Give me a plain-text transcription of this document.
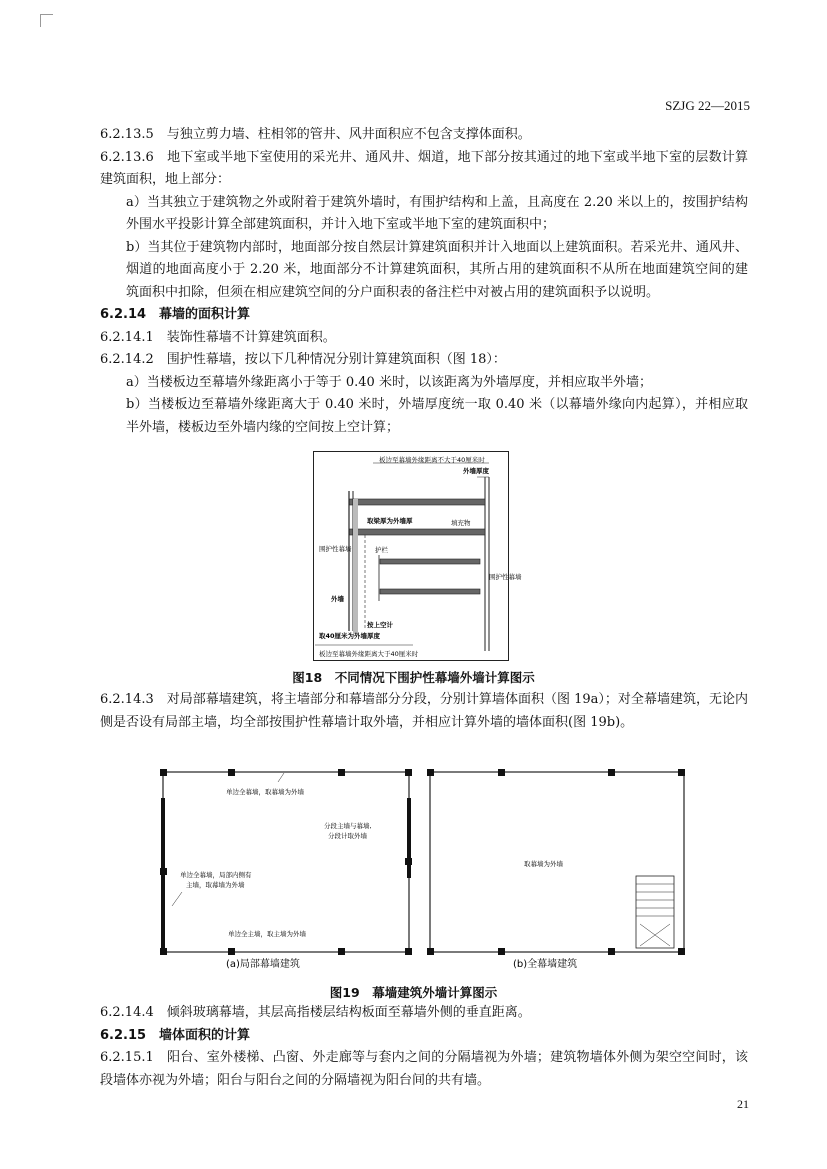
SZJG 22—2015

6.2.13.5　与独立剪力墙、柱相邻的管井、风井面积应不包含支撑体面积。

6.2.13.6　地下室或半地下室使用的采光井、通风井、烟道，地下部分按其通过的地下室或半地下室的层数计算建筑面积，地上部分：

a）当其独立于建筑物之外或附着于建筑外墙时，有围护结构和上盖，且高度在 2.20 米以上的，按围护结构外围水平投影计算全部建筑面积，并计入地下室或半地下室的建筑面积中；

b）当其位于建筑物内部时，地面部分按自然层计算建筑面积并计入地面以上建筑面积。若采光井、通风井、烟道的地面高度小于 2.20 米，地面部分不计算建筑面积，其所占用的建筑面积不从所在地面建筑空间的建筑面积中扣除，但须在相应建筑空间的分户面积表的备注栏中对被占用的建筑面积予以说明。

6.2.14　幕墙的面积计算

6.2.14.1　装饰性幕墙不计算建筑面积。

6.2.14.2　围护性幕墙，按以下几种情况分别计算建筑面积（图 18）：

a）当楼板边至幕墙外缘距离小于等于 0.40 米时，以该距离为外墙厚度，并相应取半外墙；

b）当楼板边至幕墙外缘距离大于 0.40 米时，外墙厚度统一取 0.40 米（以幕墙外缘向内起算），并相应取半外墙，楼板边至外墙内缘的空间按上空计算；

板边至幕墙外缘距离不大于40厘米时
外墙厚度
取梁厚为外墙厚	填充物
护栏
围护性幕墙
围护性幕墙
外墙
按上空计
取40厘米为外墙厚度
板边至幕墙外缘距离大于40厘米时
图18　不同情况下围护性幕墙外墙计算图示

6.2.14.3　对局部幕墙建筑，将主墙部分和幕墙部分分段，分别计算墙体面积（图 19a）；对全幕墙建筑，无论内侧是否设有局部主墙，均全部按围护性幕墙计取外墙，并相应计算外墙的墙体面积(图 19b)。

单边全幕墙，取幕墙为外墙
分段主墙与幕墙,
分段计取外墙
单边全幕墙，局部内侧有
主墙，取幕墙为外墙
单边全主墙，取主墙为外墙
(a)局部幕墙建筑
取幕墙为外墙
(b)全幕墙建筑
图19　幕墙建筑外墙计算图示

6.2.14.4　倾斜玻璃幕墙，其层高指楼层结构板面至幕墙外侧的垂直距离。

6.2.15　墙体面积的计算

6.2.15.1　阳台、室外楼梯、凸窗、外走廊等与套内之间的分隔墙视为外墙；建筑物墙体外侧为架空空间时，该段墙体亦视为外墙；阳台与阳台之间的分隔墙视为阳台间的共有墙。

21
